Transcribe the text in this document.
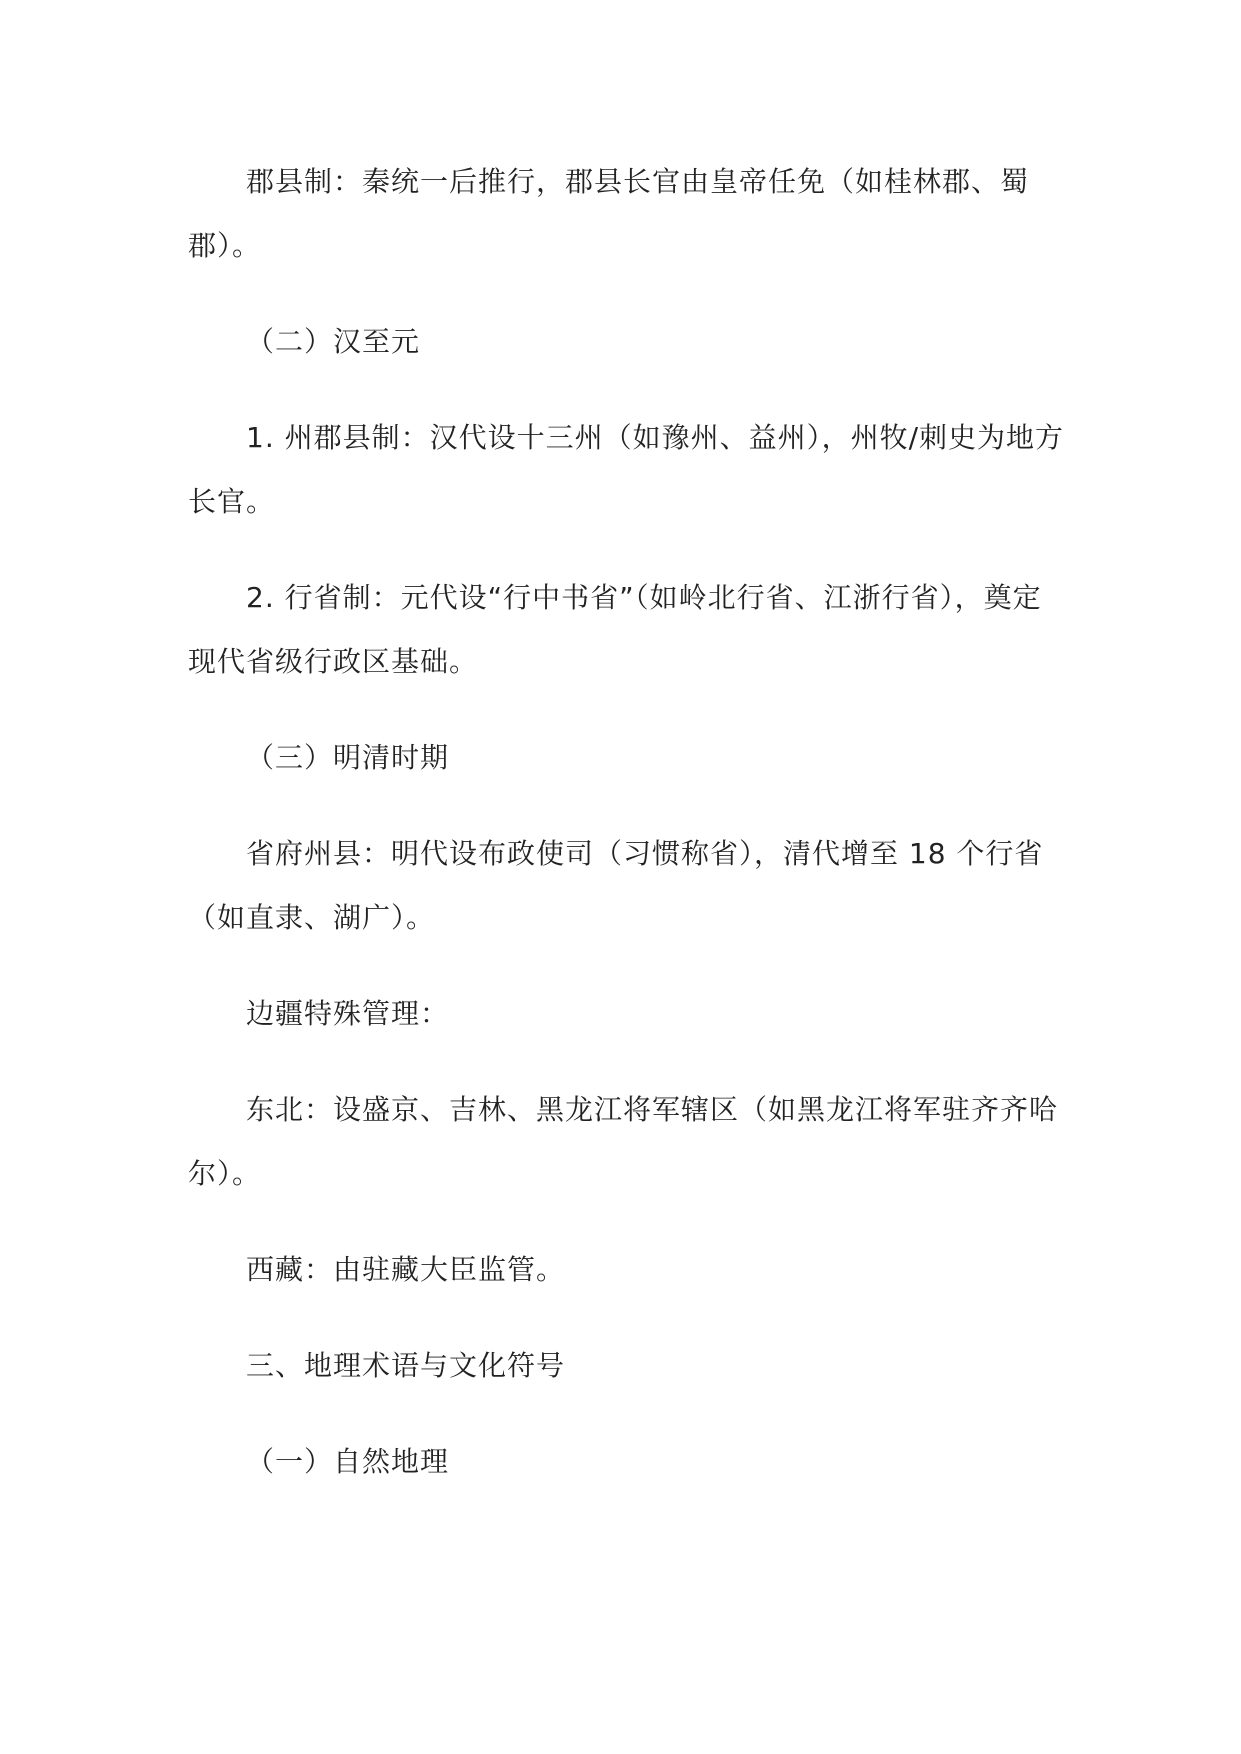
郡县制：秦统一后推行，郡县长官由皇帝任免（如桂林郡、蜀郡）。

（二）汉至元

1. 州郡县制：汉代设十三州（如豫州、益州），州牧/刺史为地方长官。

2. 行省制：元代设“行中书省”（如岭北行省、江浙行省），奠定现代省级行政区基础。

（三）明清时期

省府州县：明代设布政使司（习惯称省），清代增至 18 个行省（如直隶、湖广）。

边疆特殊管理：

东北：设盛京、吉林、黑龙江将军辖区（如黑龙江将军驻齐齐哈尔）。

西藏：由驻藏大臣监管。

三、地理术语与文化符号

（一）自然地理
